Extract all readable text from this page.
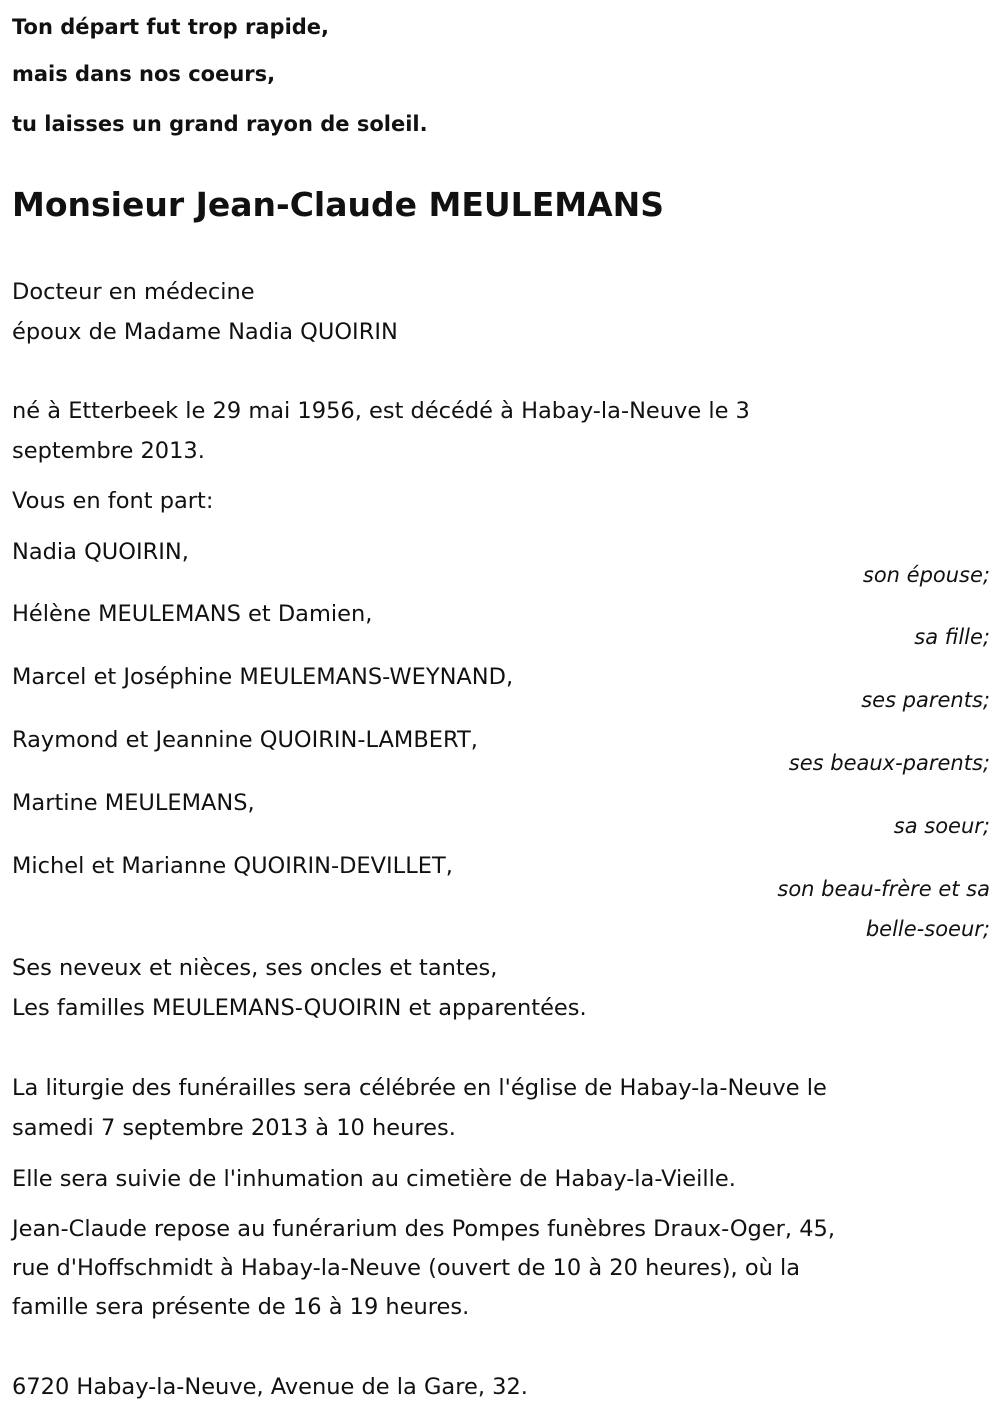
Ton départ fut trop rapide,
mais dans nos coeurs,
tu laisses un grand rayon de soleil.
Monsieur Jean-Claude MEULEMANS
Docteur en médecine
époux de Madame Nadia QUOIRIN
né à Etterbeek le 29 mai 1956, est décédé à Habay-la-Neuve le 3
septembre 2013.
Vous en font part:
Nadia QUOIRIN,
son épouse;
Hélène MEULEMANS et Damien,
sa fille;
Marcel et Joséphine MEULEMANS-WEYNAND,
ses parents;
Raymond et Jeannine QUOIRIN-LAMBERT,
ses beaux-parents;
Martine MEULEMANS,
sa soeur;
Michel et Marianne QUOIRIN-DEVILLET,
son beau-frère et sa
belle-soeur;
Ses neveux et nièces, ses oncles et tantes,
Les familles MEULEMANS-QUOIRIN et apparentées.
La liturgie des funérailles sera célébrée en l'église de Habay-la-Neuve le
samedi 7 septembre 2013 à 10 heures.
Elle sera suivie de l'inhumation au cimetière de Habay-la-Vieille.
Jean-Claude repose au funérarium des Pompes funèbres Draux-Oger, 45,
rue d'Hoffschmidt à Habay-la-Neuve (ouvert de 10 à 20 heures), où la
famille sera présente de 16 à 19 heures.
6720 Habay-la-Neuve, Avenue de la Gare, 32.
